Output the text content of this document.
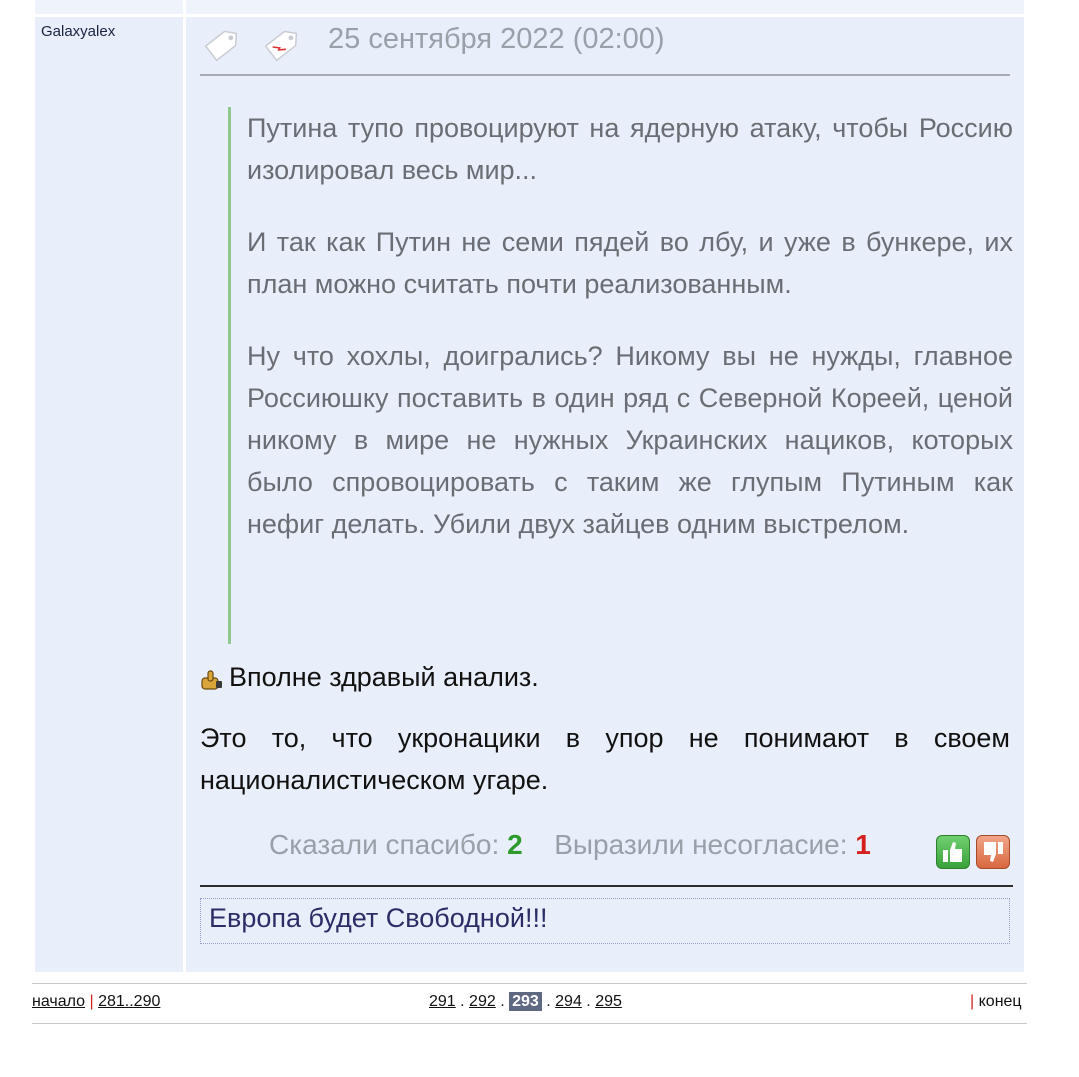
Galaxyalex	25 сентября 2022 (02:00)

Путина тупо провоцируют на ядерную атаку, чтобы Россию изолировал весь мир...

И так как Путин не семи пядей во лбу, и уже в бункере, их план можно считать почти реализованным.

Ну что хохлы, доигрались? Никому вы не нужды, главное Россиюшку поставить в один ряд с Северной Кореей, ценой никому в мире не нужных Украинских нациков, которых было спровоцировать с таким же глупым Путиным как нефиг делать. Убили двух зайцев одним выстрелом.

Вполне здравый анализ.
Это то, что укронацики в упор не понимают в своем националистическом угаре.
Сказали спасибо: 2 Выразили несогласие: 1
Европа будет Свободной!!!
начало | 281..290	291 . 292 . 293 . 294 . 295	| конец
